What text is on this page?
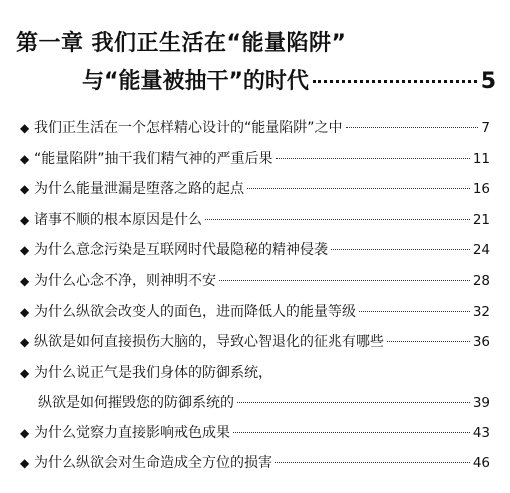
第一章 我们正生活在“能量陷阱”
与“能量被抽干”的时代	5
◆ 我们正生活在一个怎样精心设计的“能量陷阱”之中	7
◆ “能量陷阱”抽干我们精气神的严重后果	11
◆ 为什么能量泄漏是堕落之路的起点	16
◆ 诸事不顺的根本原因是什么	21
◆ 为什么意念污染是互联网时代最隐秘的精神侵袭	24
◆ 为什么心念不净，则神明不安	28
◆ 为什么纵欲会改变人的面色，进而降低人的能量等级	32
◆ 纵欲是如何直接损伤大脑的，导致心智退化的征兆有哪些	36
◆ 为什么说正气是我们身体的防御系统，
纵欲是如何摧毁您的防御系统的	39
◆ 为什么觉察力直接影响戒色成果	43
◆ 为什么纵欲会对生命造成全方位的损害	46
